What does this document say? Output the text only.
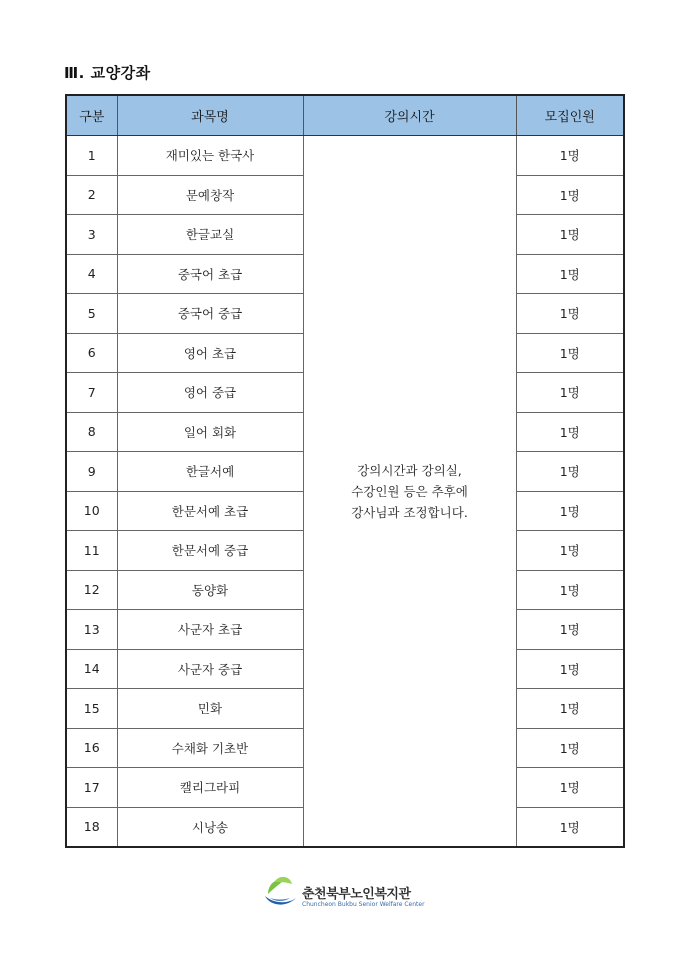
Ⅲ. 교양강좌
구분	과목명	강의시간	모집인원
1	재미있는 한국사	강의시간과 강의실,
수강인원 등은 추후에
강사님과 조정합니다.	1명
2	문예창작		1명
3	한글교실		1명
4	중국어 초급		1명
5	중국어 중급		1명
6	영어 초급		1명
7	영어 중급		1명
8	일어 회화		1명
9	한글서예		1명
10	한문서예 초급		1명
11	한문서예 중급		1명
12	동양화		1명
13	사군자 초급		1명
14	사군자 중급		1명
15	민화		1명
16	수채화 기초반		1명
17	캘리그라피		1명
18	시낭송		1명
춘천북부노인복지관
Chuncheon Bukbu Senior Welfare Center
